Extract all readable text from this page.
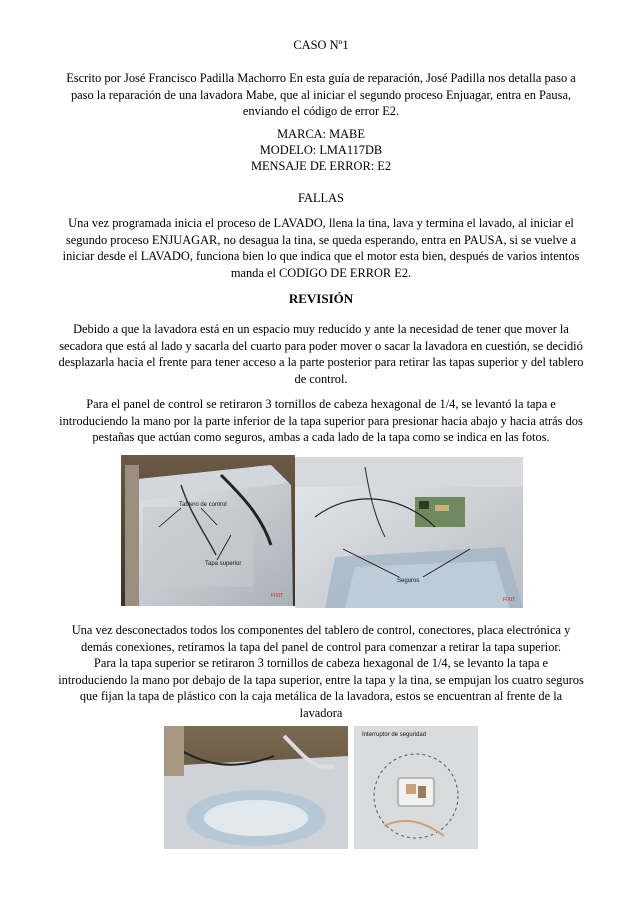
CASO Nº1
Escrito por José Francisco Padilla Machorro En esta guía de reparación, José Padilla nos detalla paso a paso la reparación de una lavadora Mabe, que al iniciar el segundo proceso Enjuagar, entra en Pausa, enviando el código de error E2.
MARCA: MABE
MODELO: LMA117DB
MENSAJE DE ERROR: E2
FALLAS
Una vez programada inicia el proceso de LAVADO, llena la tina, lava y termina el lavado, al iniciar el segundo proceso ENJUAGAR, no desagua la tina, se queda esperando, entra en PAUSA, si se vuelve a iniciar desde el LAVADO, funciona bien lo que indica que el motor esta bien, después de varios intentos manda el CODIGO DE ERROR E2.
REVISIÓN
Debido a que la lavadora está en un espacio muy reducido y ante la necesidad de tener que mover la secadora que está al lado y sacarla del cuarto para poder mover o sacar la lavadora en cuestión, se decidió desplazarla hacia el frente para tener acceso a la parte posterior para retirar las tapas superior y del tablero de control.
Para el panel de control se retiraron 3 tornillos de cabeza hexagonal de 1/4, se levantó la tapa e introduciendo la mano por la parte inferior de la tapa superior para presionar hacia abajo y hacia atrás dos pestañas que actúan como seguros, ambas a cada lado de la tapa como se indica en las fotos.
Tablero de control
Tapa superior
FIXIT
Seguros
FIXIT
Una vez desconectados todos los componentes del tablero de control, conectores, placa electrónica y demás conexiones, retiramos la tapa del panel de control para comenzar a retirar la tapa superior.
Para la tapa superior se retiraron 3 tornillos de cabeza hexagonal de 1/4, se levanto la tapa e introduciendo la mano por debajo de la tapa superior, entre la tapa y la tina, se empujan los cuatro seguros que fijan la tapa de plástico con la caja metálica de la lavadora, estos se encuentran al frente de la lavadora
Interruptor de seguridad
